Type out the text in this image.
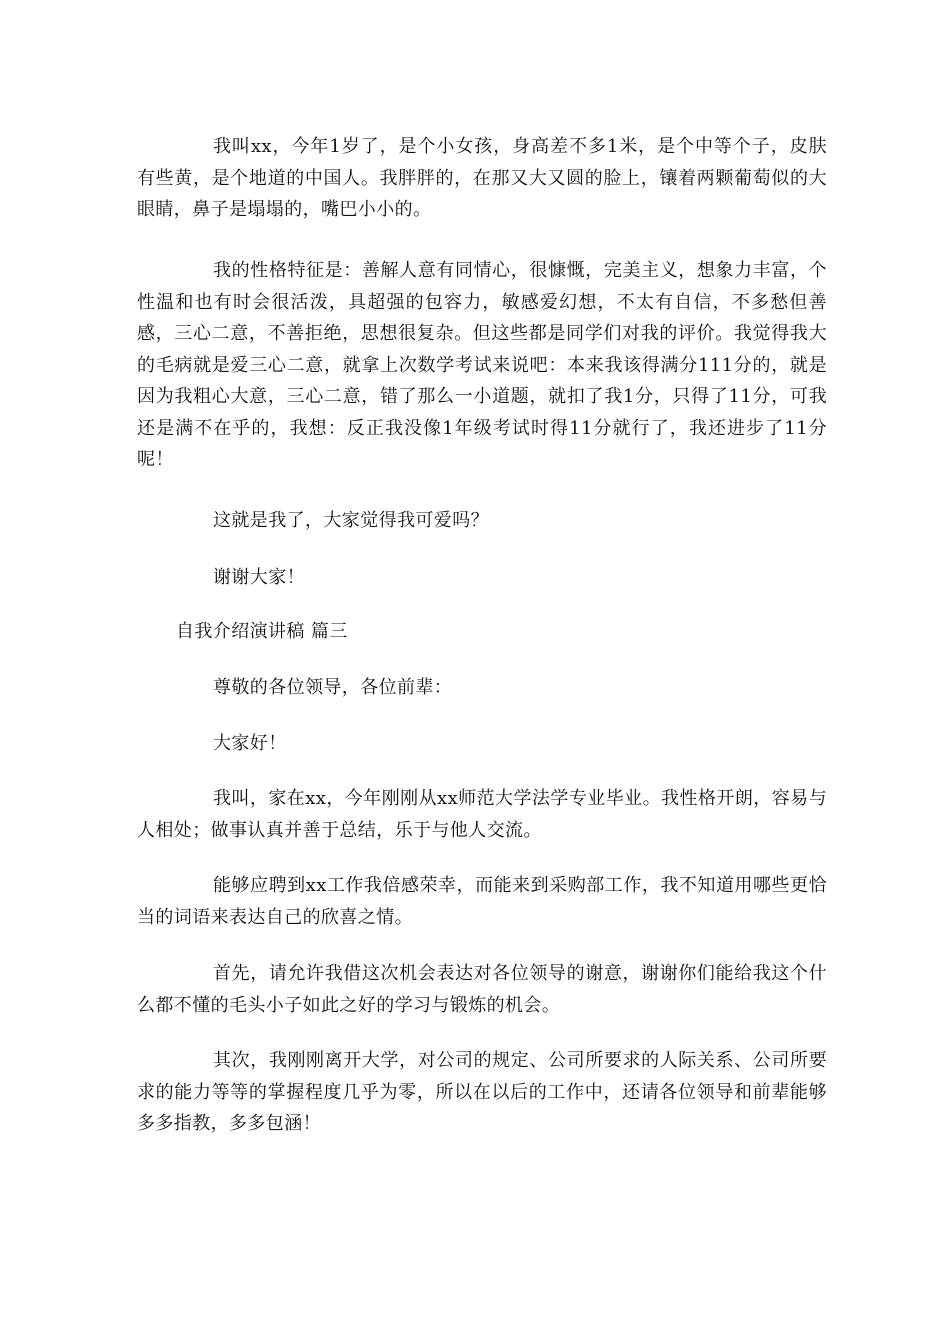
我叫xx，今年1岁了，是个小女孩，身高差不多1米，是个中等个子，皮肤有些黄，是个地道的中国人。我胖胖的，在那又大又圆的脸上，镶着两颗葡萄似的大眼睛，鼻子是塌塌的，嘴巴小小的。

我的性格特征是：善解人意有同情心，很慷慨，完美主义，想象力丰富，个性温和也有时会很活泼，具超强的包容力，敏感爱幻想，不太有自信，不多愁但善感，三心二意，不善拒绝，思想很复杂。但这些都是同学们对我的评价。我觉得我大的毛病就是爱三心二意，就拿上次数学考试来说吧：本来我该得满分111分的，就是因为我粗心大意，三心二意，错了那么一小道题，就扣了我1分，只得了11分，可我还是满不在乎的，我想：反正我没像1年级考试时得11分就行了，我还进步了11分呢！

这就是我了，大家觉得我可爱吗？

谢谢大家！

自我介绍演讲稿 篇三

尊敬的各位领导，各位前辈：

大家好！

我叫，家在xx，今年刚刚从xx师范大学法学专业毕业。我性格开朗，容易与人相处；做事认真并善于总结，乐于与他人交流。

能够应聘到xx工作我倍感荣幸，而能来到采购部工作，我不知道用哪些更恰当的词语来表达自己的欣喜之情。

首先，请允许我借这次机会表达对各位领导的谢意，谢谢你们能给我这个什么都不懂的毛头小子如此之好的学习与锻炼的机会。

其次，我刚刚离开大学，对公司的规定、公司所要求的人际关系、公司所要求的能力等等的掌握程度几乎为零，所以在以后的工作中，还请各位领导和前辈能够多多指教，多多包涵！
